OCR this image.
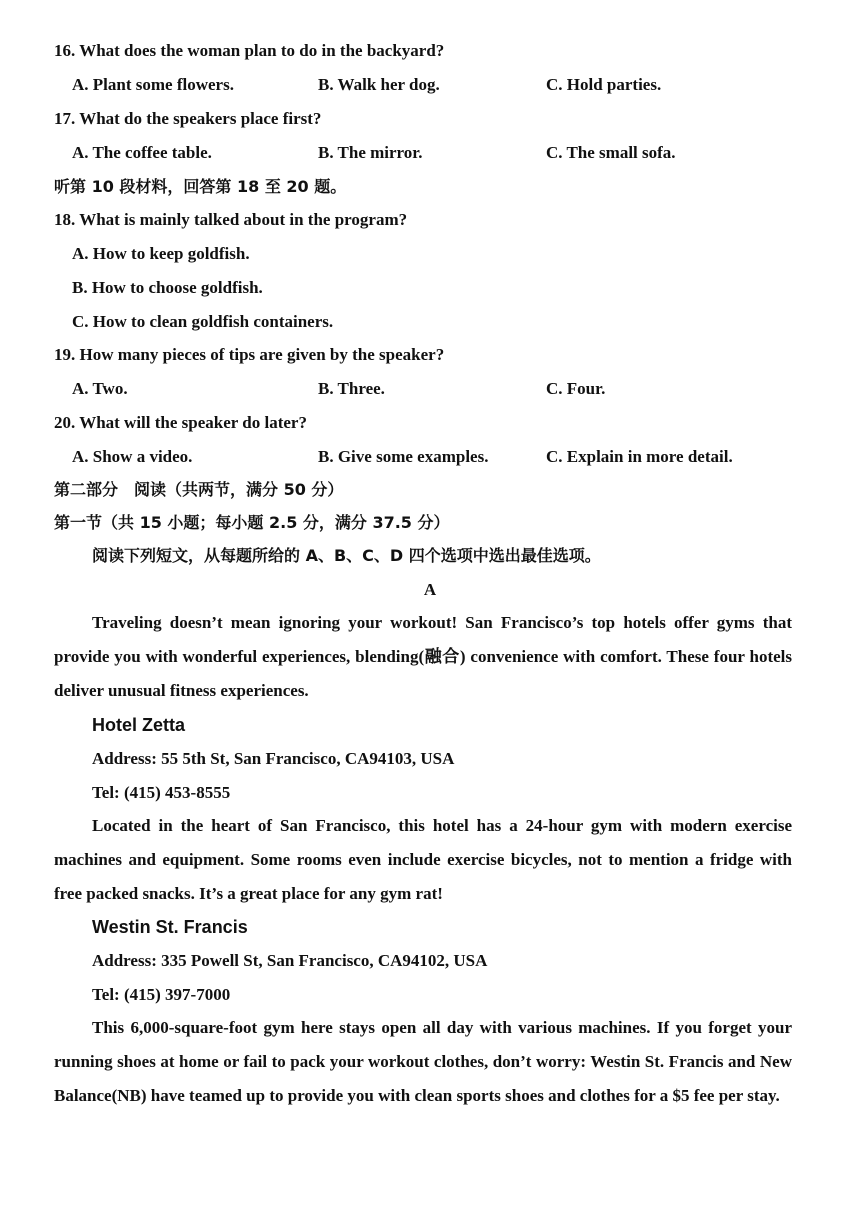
16. What does the woman plan to do in the backyard?
A. Plant some flowers.	B. Walk her dog.	C. Hold parties.
17. What do the speakers place first?
A. The coffee table.	B. The mirror.	C. The small sofa.
听第 10 段材料，回答第 18 至 20 题。
18. What is mainly talked about in the program?
A. How to keep goldfish.
B. How to choose goldfish.
C. How to clean goldfish containers.
19. How many pieces of tips are given by the speaker?
A. Two.	B. Three.	C. Four.
20. What will the speaker do later?
A. Show a video.	B. Give some examples.	C. Explain in more detail.
第二部分　阅读（共两节，满分 50 分）
第一节（共 15 小题；每小题 2.5 分，满分 37.5 分）
阅读下列短文，从每题所给的 A、B、C、D 四个选项中选出最佳选项。
A
Traveling doesn’t mean ignoring your workout! San Francisco’s top hotels offer gyms that provide you with wonderful experiences, blending(融合) convenience with comfort. These four hotels deliver unusual fitness experiences.
Hotel Zetta
Address: 55 5th St, San Francisco, CA94103, USA
Tel: (415) 453-8555
Located in the heart of San Francisco, this hotel has a 24-hour gym with modern exercise machines and equipment. Some rooms even include exercise bicycles, not to mention a fridge with free packed snacks. It’s a great place for any gym rat!
Westin St. Francis
Address: 335 Powell St, San Francisco, CA94102, USA
Tel: (415) 397-7000
This 6,000-square-foot gym here stays open all day with various machines. If you forget your running shoes at home or fail to pack your workout clothes, don’t worry: Westin St. Francis and New Balance(NB) have teamed up to provide you with clean sports shoes and clothes for a $5 fee per stay.
